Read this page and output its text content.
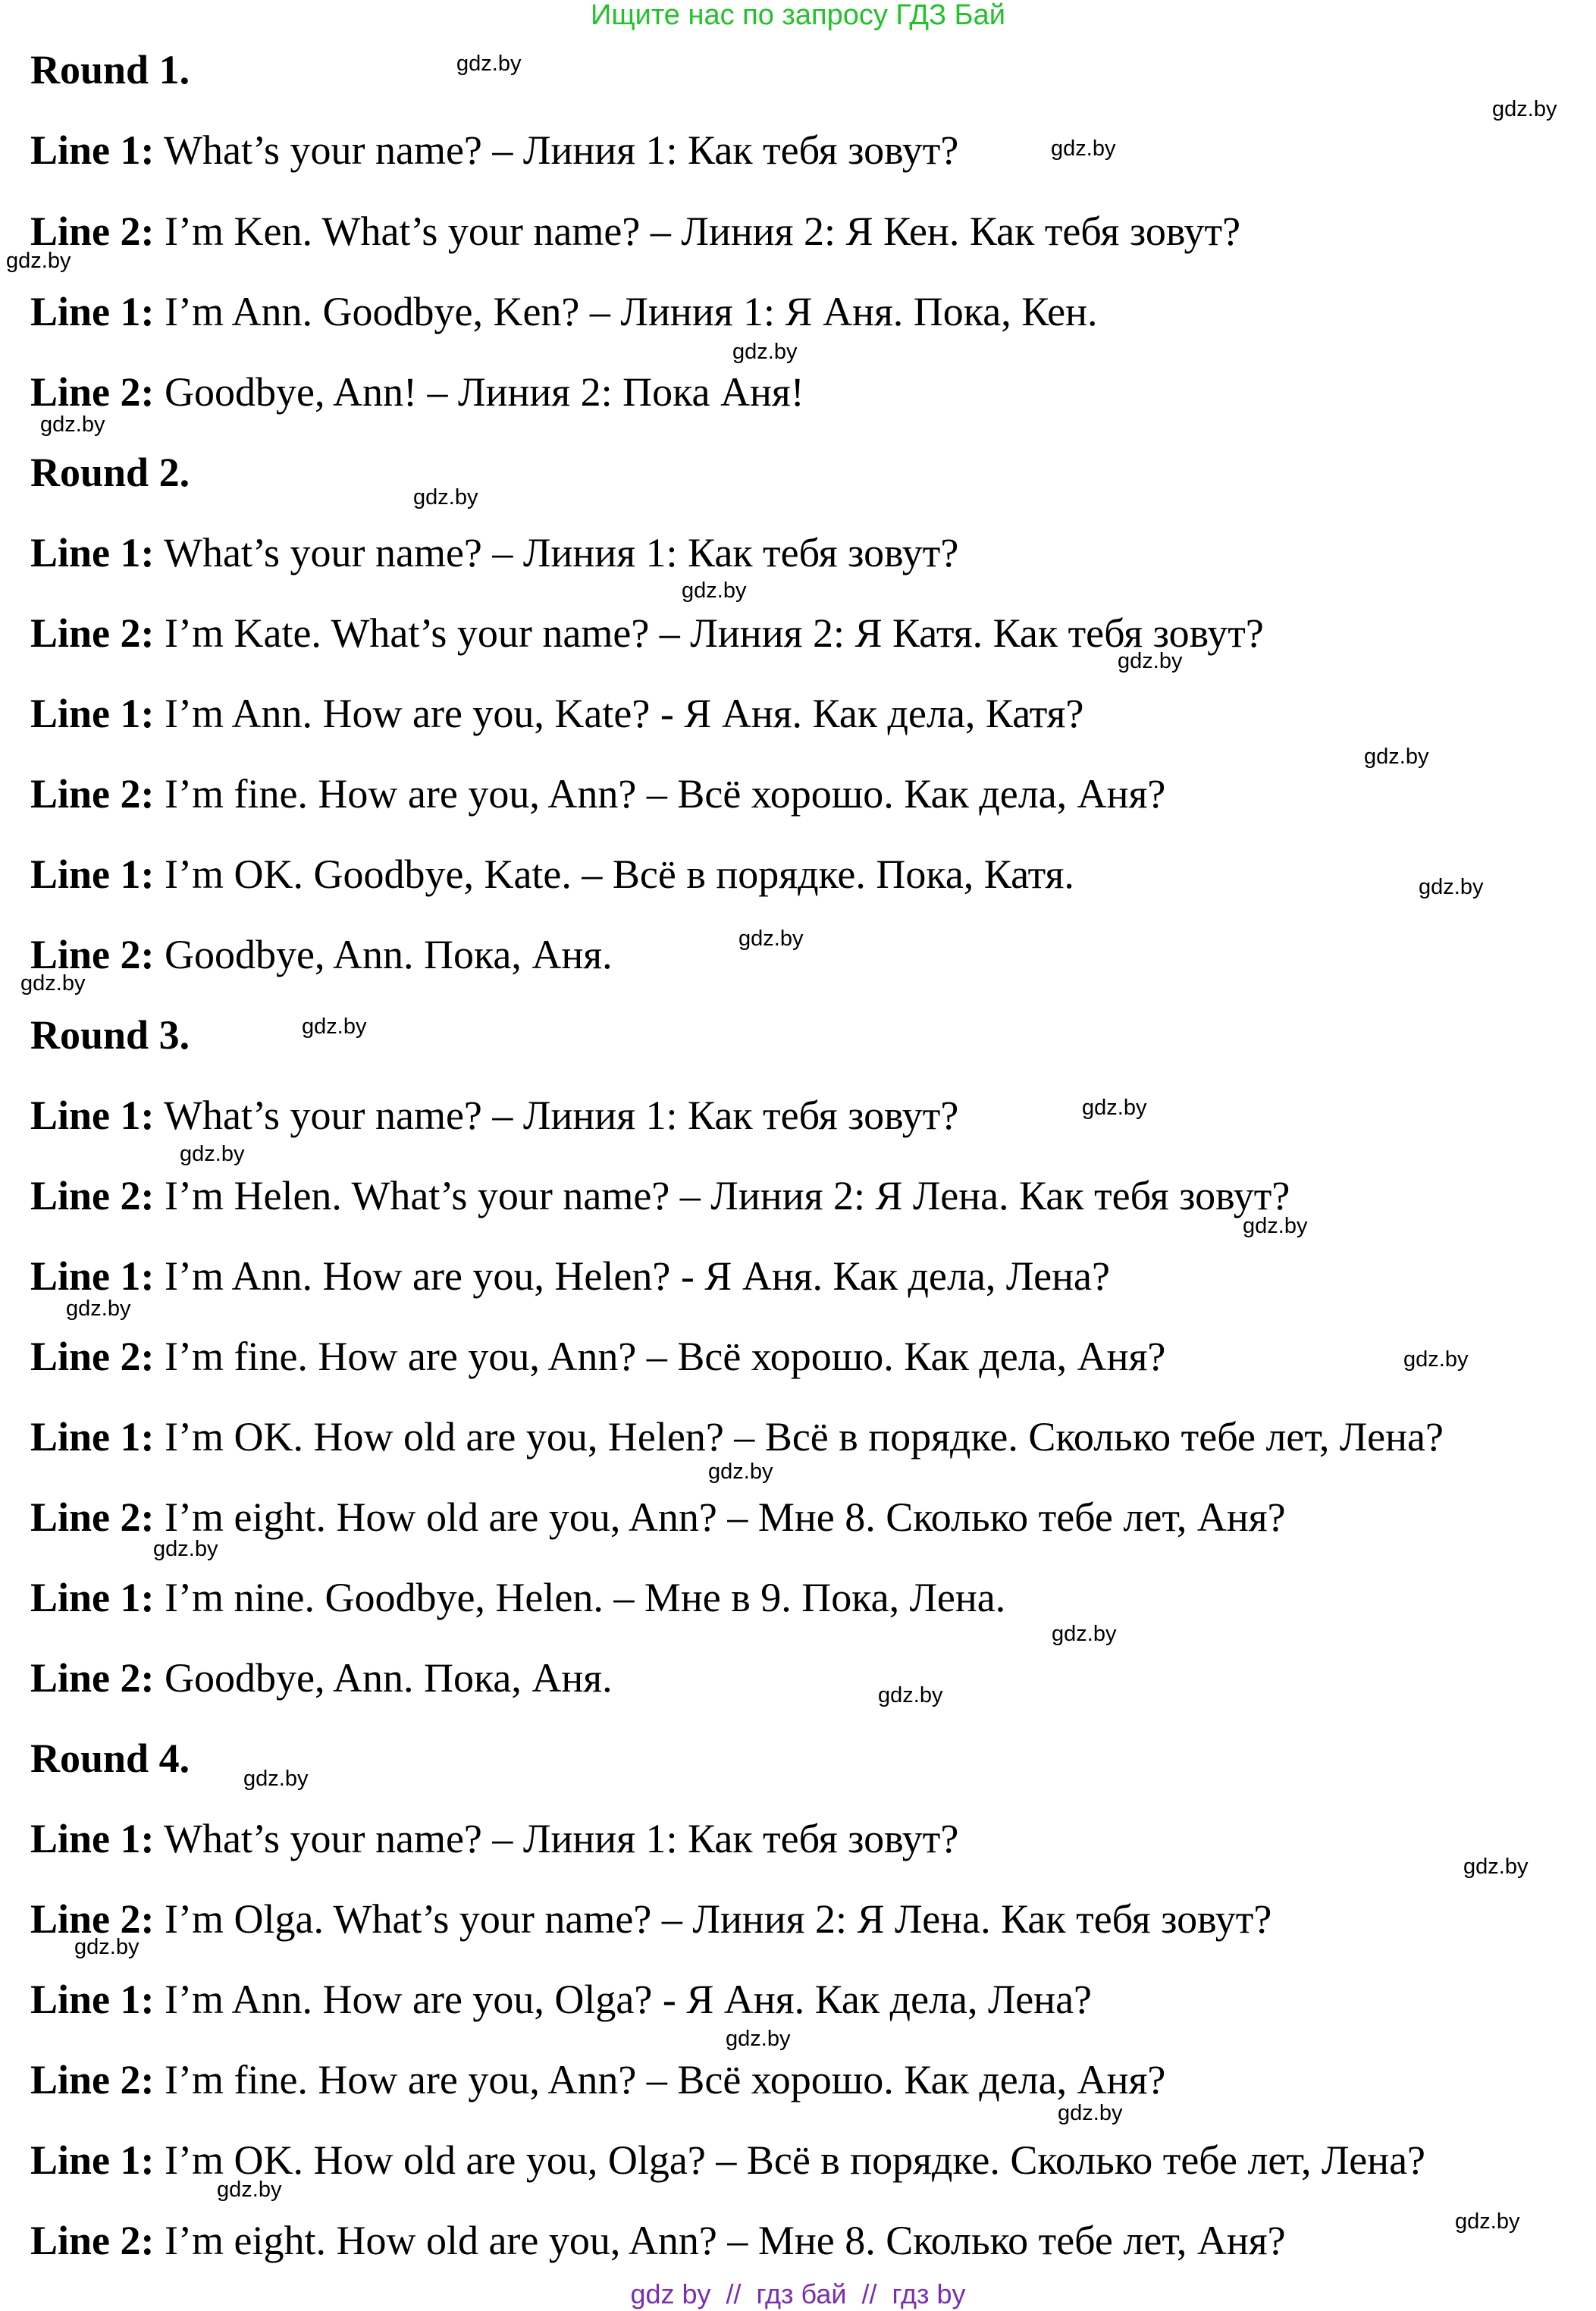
Ищите нас по запросу ГДЗ Бай
Round 1.
Line 1: What’s your name? – Линия 1: Как тебя зовут?
Line 2: I’m Ken. What’s your name? – Линия 2: Я Кен. Как тебя зовут?
Line 1: I’m Ann. Goodbye, Ken? – Линия 1: Я Аня. Пока, Кен.
Line 2: Goodbye, Ann! – Линия 2: Пока Аня!
Round 2.
Line 1: What’s your name? – Линия 1: Как тебя зовут?
Line 2: I’m Kate. What’s your name? – Линия 2: Я Катя. Как тебя зовут?
Line 1: I’m Ann. How are you, Kate? - Я Аня. Как дела, Катя?
Line 2: I’m fine. How are you, Ann? – Всё хорошо. Как дела, Аня?
Line 1: I’m OK. Goodbye, Kate. – Всё в порядке. Пока, Катя.
Line 2: Goodbye, Ann. Пока, Аня.
Round 3.
Line 1: What’s your name? – Линия 1: Как тебя зовут?
Line 2: I’m Helen. What’s your name? – Линия 2: Я Лена. Как тебя зовут?
Line 1: I’m Ann. How are you, Helen? - Я Аня. Как дела, Лена?
Line 2: I’m fine. How are you, Ann? – Всё хорошо. Как дела, Аня?
Line 1: I’m OK. How old are you, Helen? – Всё в порядке. Сколько тебе лет, Лена?
Line 2: I’m eight. How old are you, Ann? – Мне 8. Сколько тебе лет, Аня?
Line 1: I’m nine. Goodbye, Helen. – Мне в 9. Пока, Лена.
Line 2: Goodbye, Ann. Пока, Аня.
Round 4.
Line 1: What’s your name? – Линия 1: Как тебя зовут?
Line 2: I’m Olga. What’s your name? – Линия 2: Я Лена. Как тебя зовут?
Line 1: I’m Ann. How are you, Olga? - Я Аня. Как дела, Лена?
Line 2: I’m fine. How are you, Ann? – Всё хорошо. Как дела, Аня?
Line 1: I’m OK. How old are you, Olga? – Всё в порядке. Сколько тебе лет, Лена?
Line 2: I’m eight. How old are you, Ann? – Мне 8. Сколько тебе лет, Аня?
gdz.by
gdz.by
gdz.by
gdz.by
gdz.by
gdz.by
gdz.by
gdz.by
gdz.by
gdz.by
gdz.by
gdz.by
gdz.by
gdz.by
gdz.by
gdz.by
gdz.by
gdz.by
gdz.by
gdz.by
gdz.by
gdz.by
gdz.by
gdz.by
gdz.by
gdz.by
gdz.by
gdz.by
gdz.by
gdz.by
gdz by  //  гдз бай  //  гдз by
